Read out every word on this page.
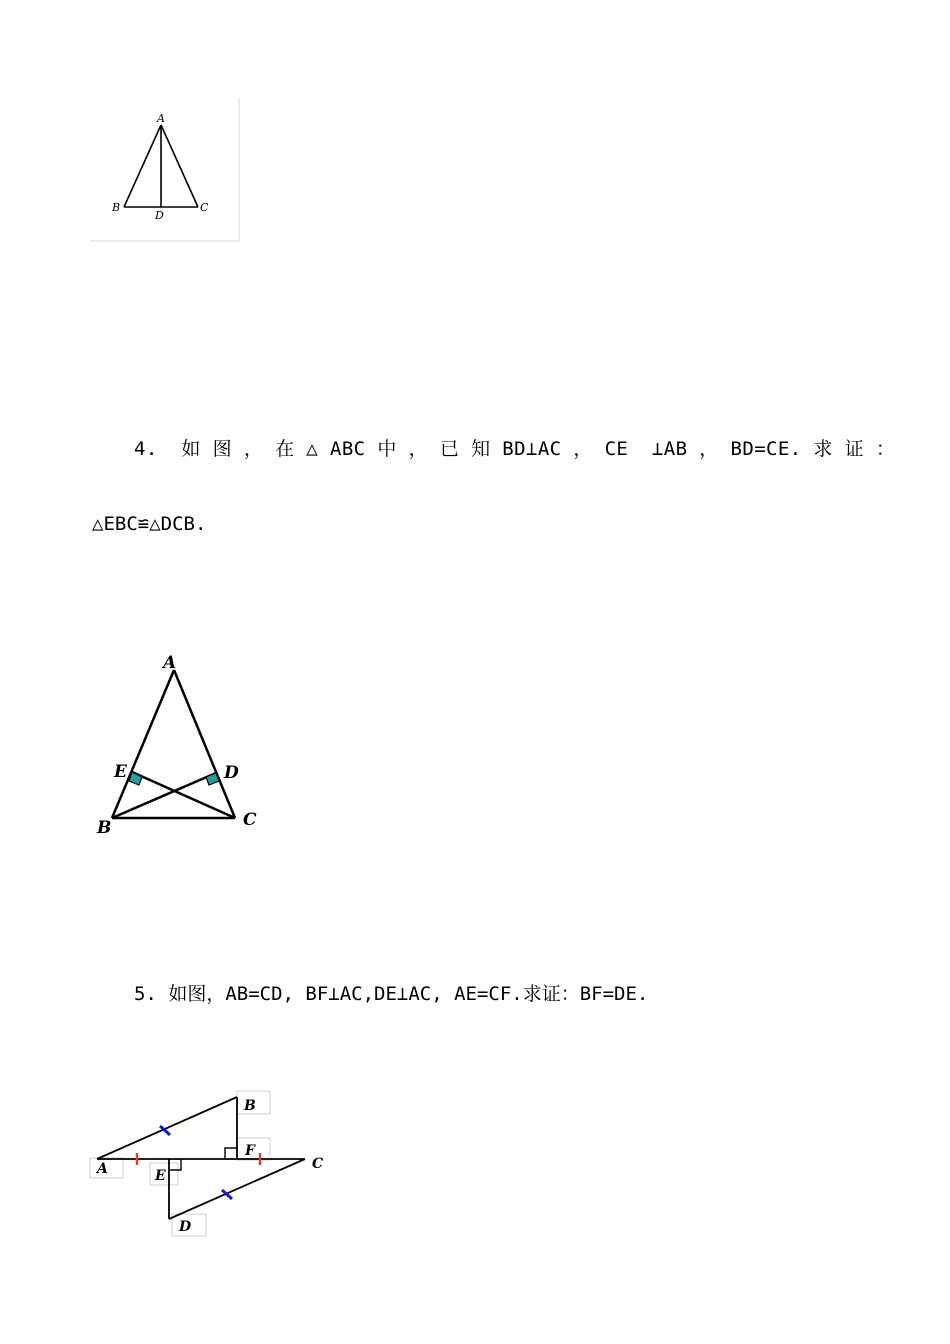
A
B	C
D
4.  如 图 ， 在 △ ABC 中 ， 已 知 BD⊥AC ， CE  ⊥AB ， BD=CE. 求 证 ：
△EBC≌△DCB.
A
E	D
B	C
5. 如图，AB=CD, BF⊥AC,DE⊥AC, AE=CF.求证：BF=DE.
B
F
A	E
C
D
